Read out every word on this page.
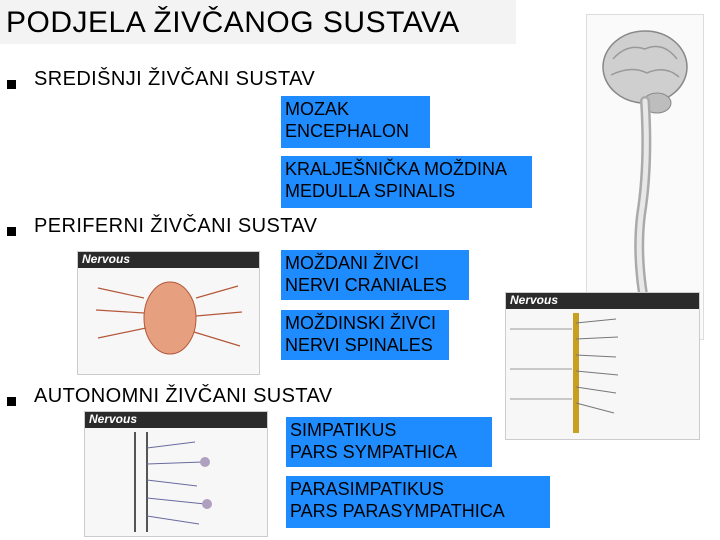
PODJELA ŽIVČANOG SUSTAVA
SREDIŠNJI ŽIVČANI SUSTAV
MOZAK
ENCEPHALON
KRALJEŠNIČKA MOŽDINA
MEDULLA SPINALIS
PERIFERNI ŽIVČANI SUSTAV
Nervous	MOŽDANI ŽIVCI
NERVI CRANIALES
Nervous
MOŽDINSKI ŽIVCI
NERVI SPINALES
AUTONOMNI ŽIVČANI SUSTAV
Nervous
SIMPATIKUS
PARS SYMPATHICA
PARASIMPATIKUS
PARS PARASYMPATHICA
